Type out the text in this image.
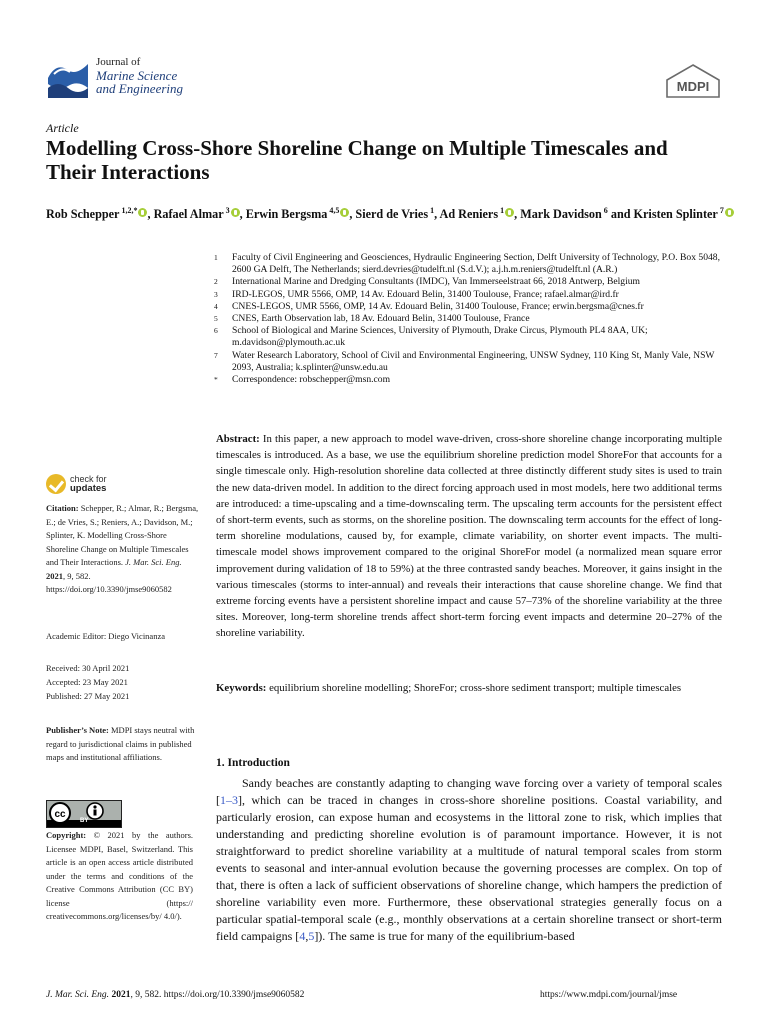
Journal of
Marine Science
and Engineering	MDPI
Article
Modelling Cross-Shore Shoreline Change on Multiple Timescales and Their Interactions
Rob Schepper $^{1,2,*}$ , Rafael Almar $^3$ , Erwin Bergsma $^{4,5}$ , Sierd de Vries $^1$, Ad Reniers $^1$ , Mark Davidson $^6$ and Kristen Splinter $^7$
1	Faculty of Civil Engineering and Geosciences, Hydraulic Engineering Section, Delft University of Technology, P.O. Box 5048, 2600 GA Delft, The Netherlands; sierd.devries@tudelft.nl (S.d.V.); a.j.h.m.reniers@tudelft.nl (A.R.)
2	International Marine and Dredging Consultants (IMDC), Van Immerseelstraat 66, 2018 Antwerp, Belgium
3	IRD-LEGOS, UMR 5566, OMP, 14 Av. Edouard Belin, 31400 Toulouse, France; rafael.almar@ird.fr
4	CNES-LEGOS, UMR 5566, OMP, 14 Av. Edouard Belin, 31400 Toulouse, France; erwin.bergsma@cnes.fr
5	CNES, Earth Observation lab, 18 Av. Edouard Belin, 31400 Toulouse, France
6	School of Biological and Marine Sciences, University of Plymouth, Drake Circus, Plymouth PL4 8AA, UK; m.davidson@plymouth.ac.uk
7	Water Research Laboratory, School of Civil and Environmental Engineering, UNSW Sydney, 110 King St, Manly Vale, NSW 2093, Australia; k.splinter@unsw.edu.au
*	Correspondence: robschepper@msn.com
check for
updates
Citation: Schepper, R.; Almar, R.; Bergsma, E.; de Vries, S.; Reniers, A.; Davidson, M.; Splinter, K. Modelling Cross-Shore Shoreline Change on Multiple Timescales and Their Interactions. J. Mar. Sci. Eng. 2021, 9, 582. https://doi.org/10.3390/jmse9060582
Academic Editor: Diego Vicinanza
Received: 30 April 2021
Accepted: 23 May 2021
Published: 27 May 2021
Publisher’s Note: MDPI stays neutral with regard to jurisdictional claims in published maps and institutional affiliations.
cc
BY
Copyright: © 2021 by the authors. Licensee MDPI, Basel, Switzerland. This article is an open access article distributed under the terms and conditions of the Creative Commons Attribution (CC BY) license (https:// creativecommons.org/licenses/by/ 4.0/).
Abstract: In this paper, a new approach to model wave-driven, cross-shore shoreline change incorporating multiple timescales is introduced. As a base, we use the equilibrium shoreline prediction model ShoreFor that accounts for a single timescale only. High-resolution shoreline data collected at three distinctly different study sites is used to train the new data-driven model. In addition to the direct forcing approach used in most models, here two additional terms are introduced: a time-upscaling and a time-downscaling term. The upscaling term accounts for the persistent effect of short-term events, such as storms, on the shoreline position. The downscaling term accounts for the effect of long-term shoreline modulations, caused by, for example, climate variability, on shorter event impacts. The multi-timescale model shows improvement compared to the original ShoreFor model (a normalized mean square error improvement during validation of 18 to 59%) at the three contrasted sandy beaches. Moreover, it gains insight in the various timescales (storms to inter-annual) and reveals their interactions that cause shoreline change. We find that extreme forcing events have a persistent shoreline impact and cause 57–73% of the shoreline variability at the three sites. Moreover, long-term shoreline trends affect short-term forcing event impacts and determine 20–27% of the shoreline variability.
Keywords: equilibrium shoreline modelling; ShoreFor; cross-shore sediment transport; multiple timescales
1. Introduction

Sandy beaches are constantly adapting to changing wave forcing over a variety of temporal scales [1–3], which can be traced in changes in cross-shore shoreline positions. Coastal variability, and particularly erosion, can expose human and ecosystems in the littoral zone to risk, which implies that understanding and predicting shoreline evolution is of paramount importance. However, it is not straightforward to predict shoreline variability at a multitude of natural temporal scales from storm events to seasonal and inter-annual evolution because the governing processes are complex. On top of that, there is often a lack of sufficient observations of shoreline change, which hampers the prediction of shoreline variability even more. Furthermore, these observational strategies generally focus on a particular spatial-temporal scale (e.g., monthly observations at a certain shoreline transect or short-term field campaigns [4,5]). The same is true for many of the equilibrium-based

J. Mar. Sci. Eng. 2021, 9, 582. https://doi.org/10.3390/jmse9060582	https://www.mdpi.com/journal/jmse
